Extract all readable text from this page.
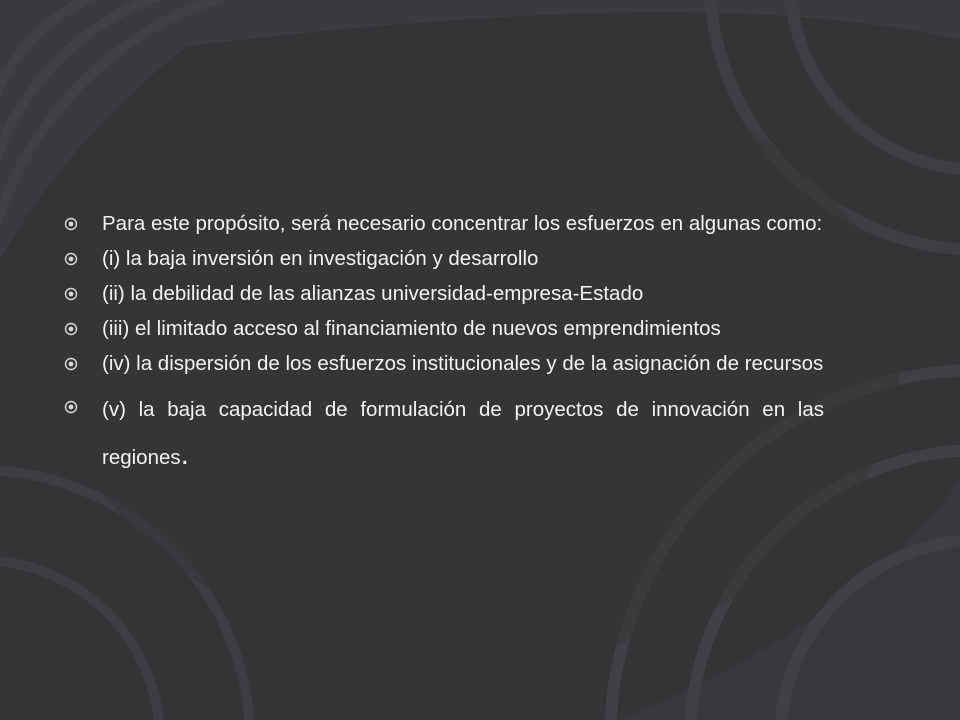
Para este propósito, será necesario concentrar los esfuerzos en algunas como:
(i) la baja inversión en investigación y desarrollo
(ii) la debilidad de las alianzas universidad-empresa-Estado
(iii) el limitado acceso al financiamiento de nuevos emprendimientos
(iv) la dispersión de los esfuerzos institucionales y de la asignación de recursos
(v) la baja capacidad de formulación de proyectos de innovación en las regiones.
